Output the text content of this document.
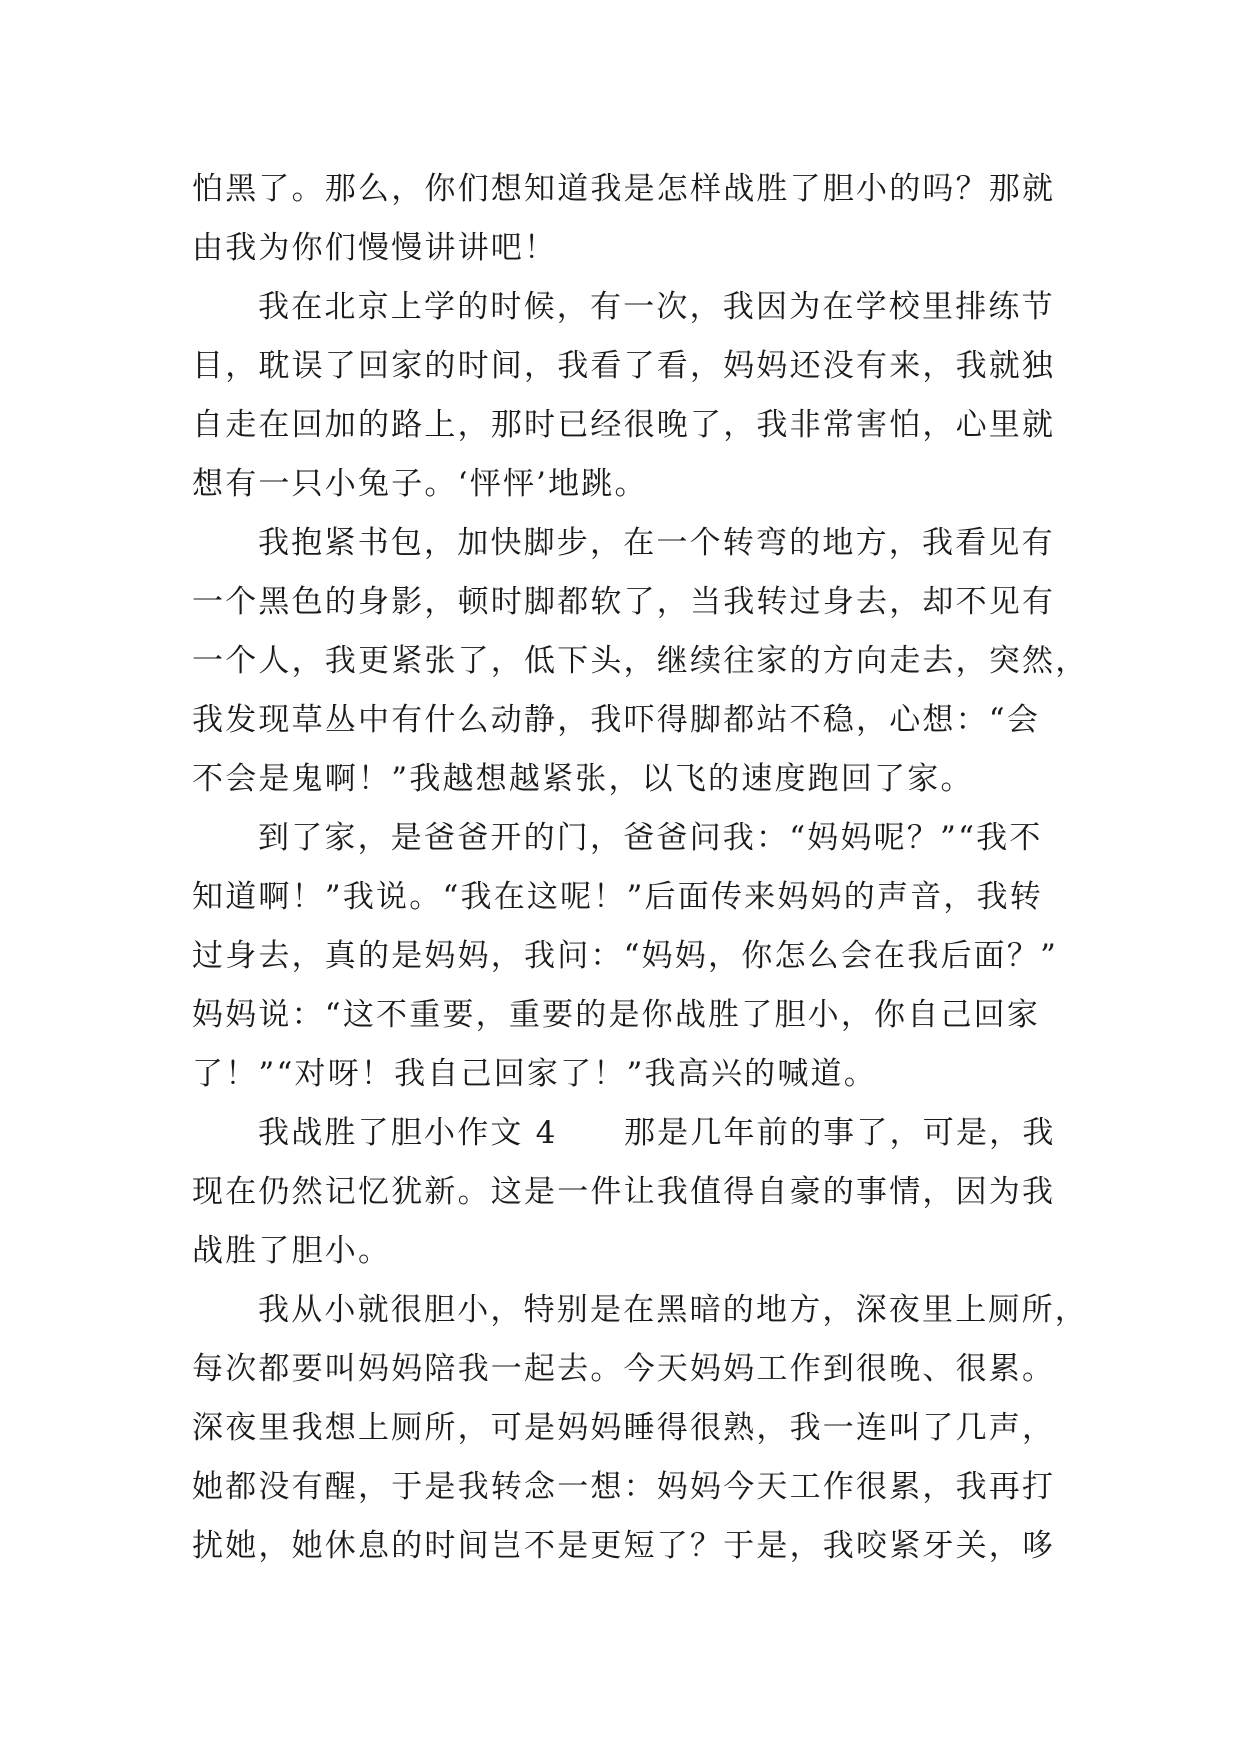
怕黑了。那么，你们想知道我是怎样战胜了胆小的吗？那就
由我为你们慢慢讲讲吧！
我在北京上学的时候，有一次，我因为在学校里排练节
目，耽误了回家的时间，我看了看，妈妈还没有来，我就独
自走在回加的路上，那时已经很晚了，我非常害怕，心里就
想有一只小兔子。‘怦怦’地跳。
我抱紧书包，加快脚步，在一个转弯的地方，我看见有
一个黑色的身影，顿时脚都软了，当我转过身去，却不见有
一个人，我更紧张了，低下头，继续往家的方向走去，突然，
我发现草丛中有什么动静，我吓得脚都站不稳，心想：“会
不会是鬼啊！”我越想越紧张，以飞的速度跑回了家。
到了家，是爸爸开的门，爸爸问我：“妈妈呢？”“我不
知道啊！”我说。“我在这呢！”后面传来妈妈的声音，我转
过身去，真的是妈妈，我问：“妈妈，你怎么会在我后面？”
妈妈说：“这不重要，重要的是你战胜了胆小，你自己回家
了！”“对呀！我自己回家了！”我高兴的喊道。
我战胜了胆小作文 4　　那是几年前的事了，可是，我
现在仍然记忆犹新。这是一件让我值得自豪的事情，因为我
战胜了胆小。
我从小就很胆小，特别是在黑暗的地方，深夜里上厕所，
每次都要叫妈妈陪我一起去。今天妈妈工作到很晚、很累。
深夜里我想上厕所，可是妈妈睡得很熟，我一连叫了几声，
她都没有醒，于是我转念一想：妈妈今天工作很累，我再打
扰她，她休息的时间岂不是更短了？于是，我咬紧牙关，哆
